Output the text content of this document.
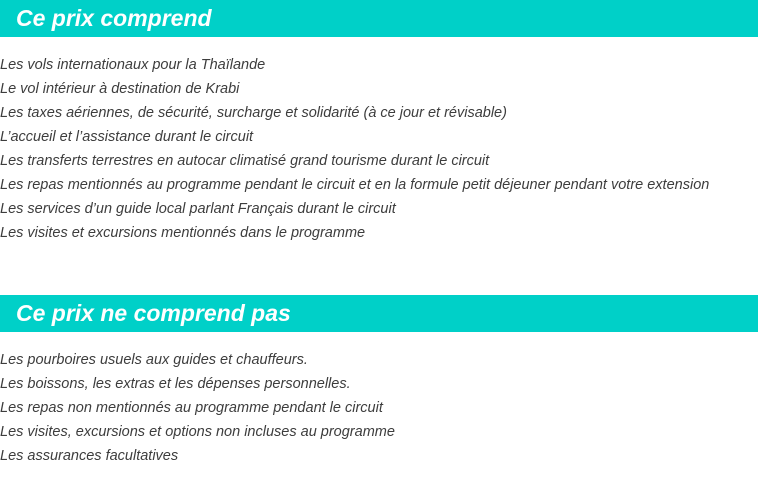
Ce prix comprend
Les vols internationaux pour la Thaïlande
Le vol intérieur à destination de Krabi
Les taxes aériennes, de sécurité, surcharge et solidarité (à ce jour et révisable)
L’accueil et l’assistance durant le circuit
Les transferts terrestres en autocar climatisé grand tourisme durant le circuit
Les repas mentionnés au programme pendant le circuit et en la formule petit déjeuner pendant votre extension
Les services d’un guide local parlant Français durant le circuit
Les visites et excursions mentionnés dans le programme
Ce prix ne comprend pas
Les pourboires usuels aux guides et chauffeurs.
Les boissons, les extras et les dépenses personnelles.
Les repas non mentionnés au programme pendant le circuit
Les visites, excursions et options non incluses au programme
Les assurances facultatives
